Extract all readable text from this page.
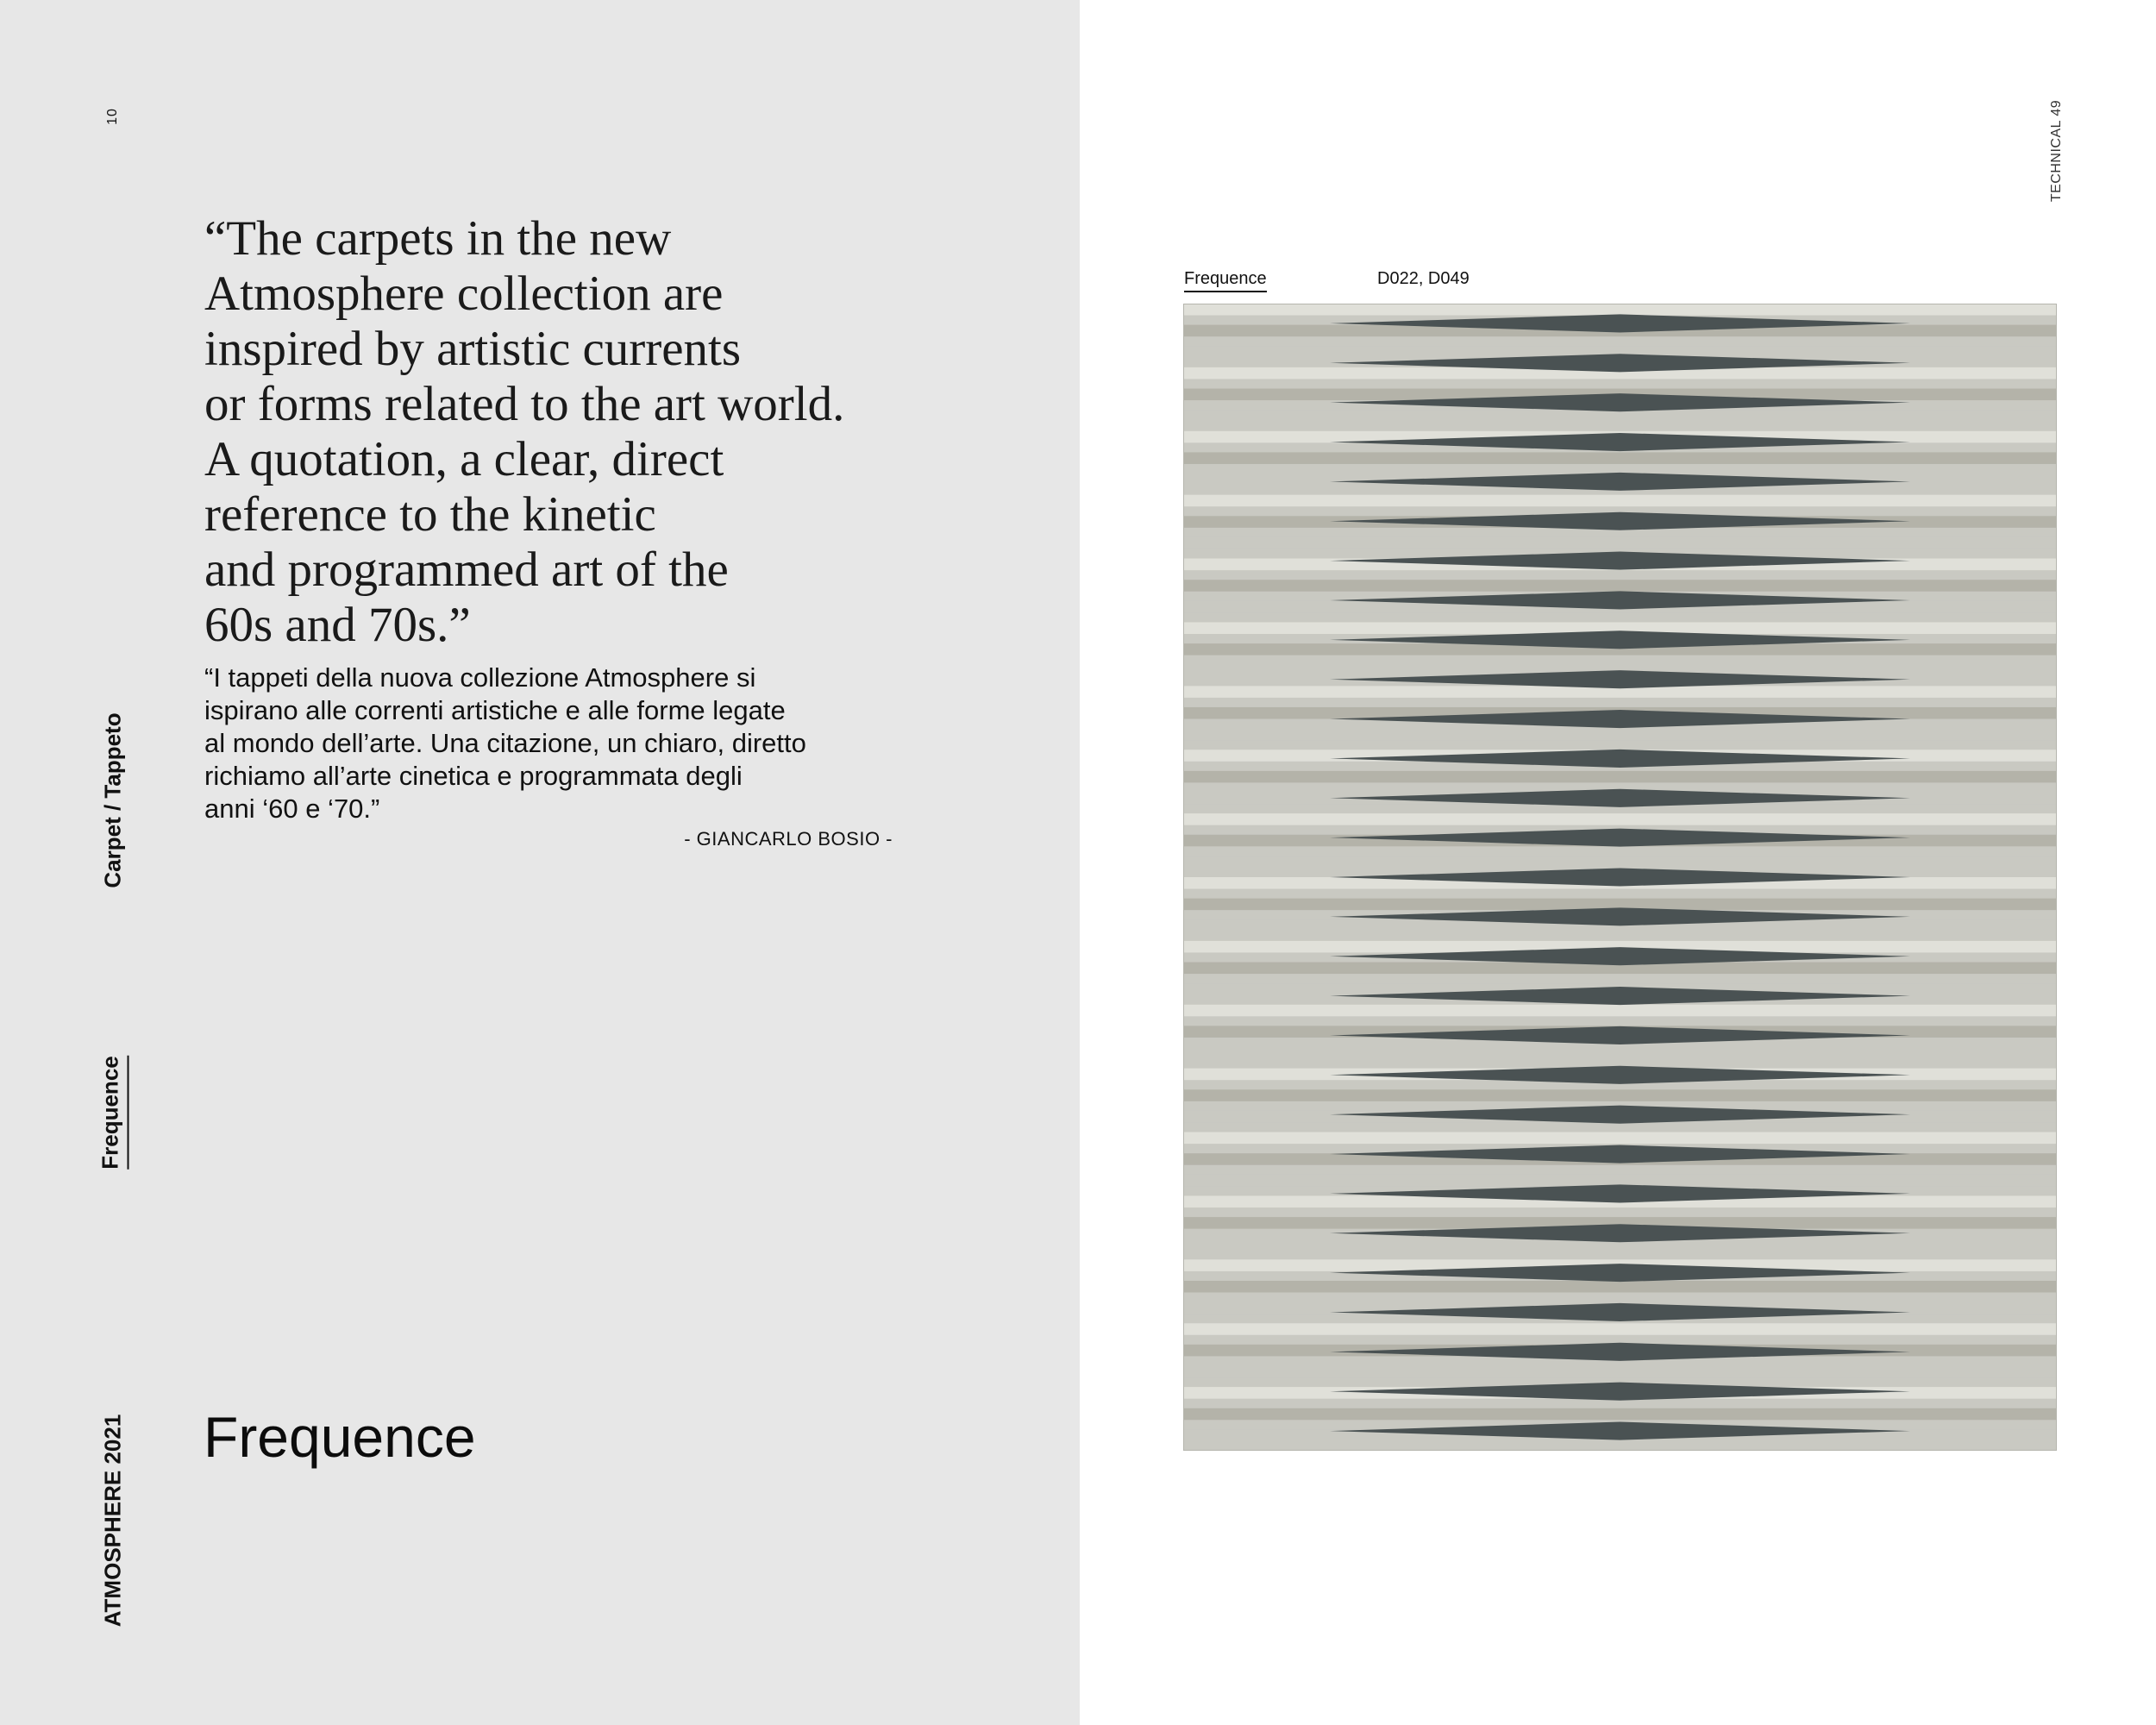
10
Carpet / Tappeto
Frequence
ATMOSPHERE 2021
“The carpets in the new
Atmosphere collection are
inspired by artistic currents
or forms related to the art world.
A quotation, a clear, direct
reference to the kinetic
and programmed art of the
60s and 70s.”
“I tappeti della nuova collezione Atmosphere si
ispirano alle correnti artistiche e alle forme legate
al mondo dell’arte. Una citazione, un chiaro, diretto
richiamo all’arte cinetica e programmata degli
anni ‘60 e ‘70.”
- GIANCARLO BOSIO -
Frequence
TECHNICAL 49
Frequence	D022, D049
